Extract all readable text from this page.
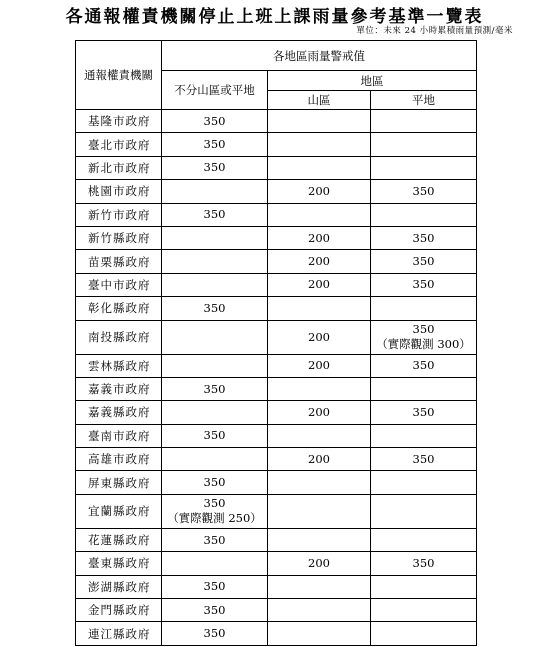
各通報權責機關停止上班上課雨量參考基準一覽表
單位：未來 24 小時累積雨量預測/毫米
通報權責機關	各地區雨量警戒值		
	不分山區或平地	地區	
		山區	平地
基隆市政府	350		

臺北市政府	350		

新北市政府	350		

桃園市政府		200	350

新竹市政府	350		

新竹縣政府		200	350

苗栗縣政府		200	350

臺中市政府		200	350

彰化縣政府	350		

南投縣政府		200	350
（實際觀測 300）

雲林縣政府		200	350

嘉義市政府	350		

嘉義縣政府		200	350

臺南市政府	350		

高雄市政府		200	350

屏東縣政府	350		

宜蘭縣政府	350
（實際觀測 250）		

花蓮縣政府	350		

臺東縣政府		200	350

澎湖縣政府	350		

金門縣政府	350		

連江縣政府	350		
